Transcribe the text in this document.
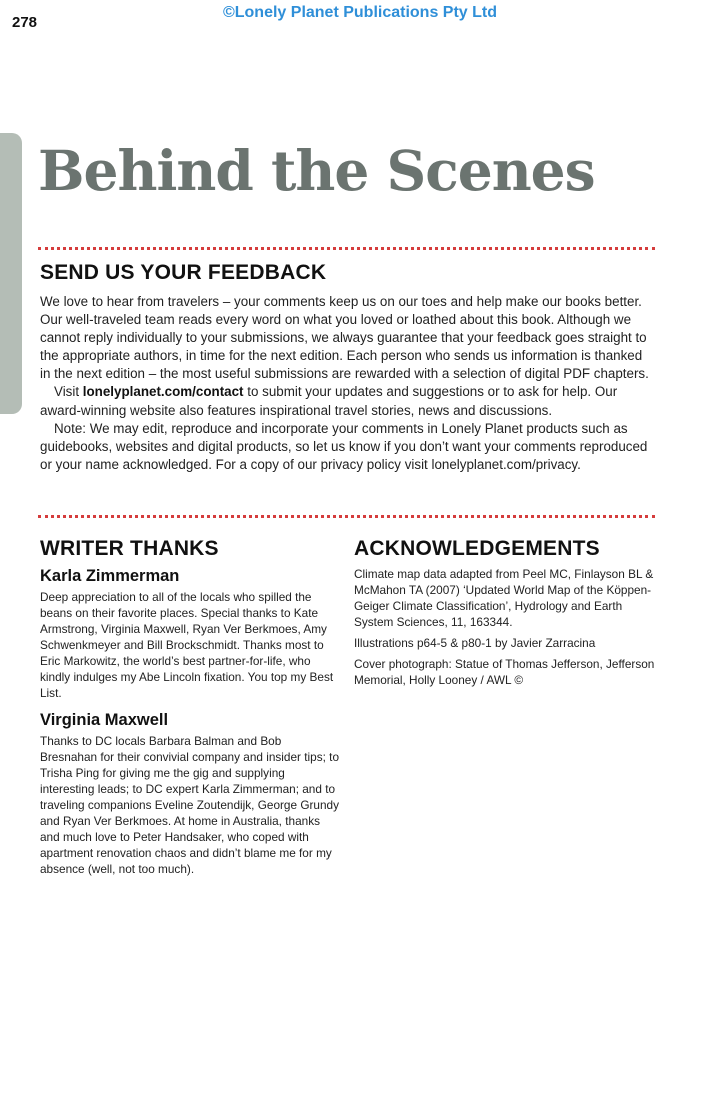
278
©Lonely Planet Publications Pty Ltd
Behind the Scenes
SEND US YOUR FEEDBACK
We love to hear from travelers – your comments keep us on our toes and help make our books better. Our well-traveled team reads every word on what you loved or loathed about this book. Although we cannot reply individually to your submissions, we always guarantee that your feedback goes straight to the appropriate authors, in time for the next edition. Each person who sends us information is thanked in the next edition – the most useful submissions are rewarded with a selection of digital PDF chapters.
Visit lonelyplanet.com/contact to submit your updates and suggestions or to ask for help. Our award-winning website also features inspirational travel stories, news and discussions.
Note: We may edit, reproduce and incorporate your comments in Lonely Planet products such as guidebooks, websites and digital products, so let us know if you don’t want your comments reproduced or your name acknowledged. For a copy of our privacy policy visit lonelyplanet.com/privacy.
WRITER THANKS
Karla Zimmerman
Deep appreciation to all of the locals who spilled the beans on their favorite places. Special thanks to Kate Armstrong, Virginia Maxwell, Ryan Ver Berkmoes, Amy Schwenkmeyer and Bill Brockschmidt. Thanks most to Eric Markowitz, the world’s best partner-for-life, who kindly indulges my Abe Lincoln fixation. You top my Best List.
Virginia Maxwell
Thanks to DC locals Barbara Balman and Bob Bresnahan for their convivial company and insider tips; to Trisha Ping for giving me the gig and supplying interesting leads; to DC expert Karla Zimmerman; and to traveling companions Eveline Zoutendijk, George Grundy and Ryan Ver Berkmoes. At home in Australia, thanks and much love to Peter Handsaker, who coped with apartment renovation chaos and didn’t blame me for my absence (well, not too much).
ACKNOWLEDGEMENTS
Climate map data adapted from Peel MC, Finlayson BL & McMahon TA (2007) ‘Updated World Map of the Köppen-Geiger Climate Classification’, Hydrology and Earth System Sciences, 11, 163344.
Illustrations p64-5 & p80-1 by Javier Zarracina
Cover photograph: Statue of Thomas Jefferson, Jefferson Memorial, Holly Looney / AWL ©
